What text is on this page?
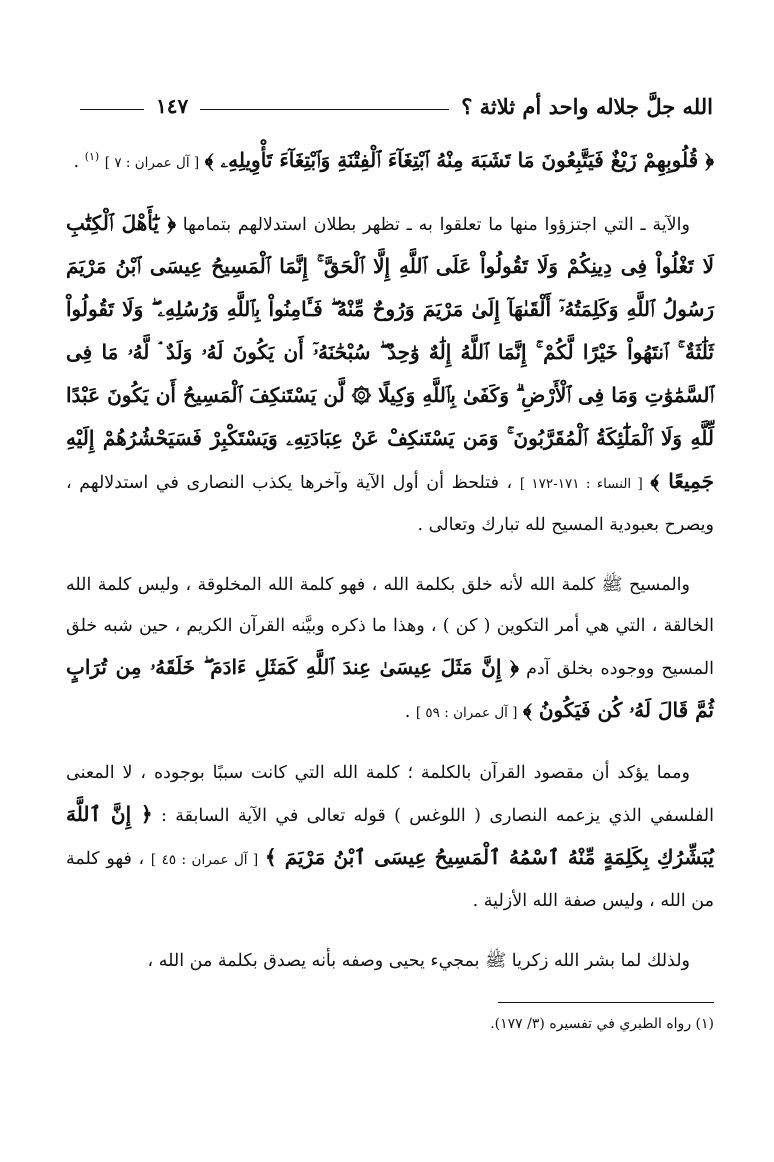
الله جلَّ جلاله واحد أم ثلاثة ؟
١٤٧

﴿ قُلُوبِهِمْ زَيْغٌ فَيَتَّبِعُونَ مَا تَشَبَهَ مِنْهُ ٱبْتِغَآءَ ٱلْفِتْنَةِ وَٱبْتِغَآءَ تَأْوِيلِهِۦ ﴾ [ آل عمران : ٧ ] $^{(١)}$ .

والآية ـ التي اجتزؤوا منها ما تعلقوا به ـ تظهر بطلان استدلالهم بتمامها ﴿ يَٰٓأَهْلَ ٱلْكِتَٰبِ لَا تَغْلُواْ فِى دِينِكُمْ وَلَا تَقُولُواْ عَلَى ٱللَّهِ إِلَّا ٱلْحَقَّ ۚ إِنَّمَا ٱلْمَسِيحُ عِيسَى ٱبْنُ مَرْيَمَ رَسُولُ ٱللَّهِ وَكَلِمَتُهُۥٓ أَلْقَىٰهَآ إِلَىٰ مَرْيَمَ وَرُوحٌ مِّنْهُ ۖ فَـَٔامِنُواْ بِٱللَّهِ وَرُسُلِهِۦ ۖ وَلَا تَقُولُواْ ثَلَٰثَةٌ ۚ ٱنتَهُواْ خَيْرًا لَّكُمْ ۚ إِنَّمَا ٱللَّهُ إِلَٰهٌ وَٰحِدٌ ۖ سُبْحَٰنَهُۥٓ أَن يَكُونَ لَهُۥ وَلَدٌ ۘ لَّهُۥ مَا فِى ٱلسَّمَٰوَٰتِ وَمَا فِى ٱلْأَرْضِ ۗ وَكَفَىٰ بِٱللَّهِ وَكِيلًا ۞ لَّن يَسْتَنكِفَ ٱلْمَسِيحُ أَن يَكُونَ عَبْدًا لِّلَّهِ وَلَا ٱلْمَلَٰٓئِكَةُ ٱلْمُقَرَّبُونَ ۚ وَمَن يَسْتَنكِفْ عَنْ عِبَادَتِهِۦ وَيَسْتَكْبِرْ فَسَيَحْشُرُهُمْ إِلَيْهِ جَمِيعًا ﴾ [ النساء : ١٧١-١٧٢ ] ، فتلحظ أن أول الآية وآخرها يكذب النصارى في استدلالهم ، ويصرح بعبودية المسيح لله تبارك وتعالى .

والمسيح ﷺ كلمة الله لأنه خلق بكلمة الله ، فهو كلمة الله المخلوقة ، وليس كلمة الله الخالقة ، التي هي أمر التكوين ( كن ) ، وهذا ما ذكره وبيَّنه القرآن الكريم ، حين شبه خلق المسيح ووجوده بخلق آدم ﴿ إِنَّ مَثَلَ عِيسَىٰ عِندَ ٱللَّهِ كَمَثَلِ ءَادَمَ ۖ خَلَقَهُۥ مِن تُرَابٍ ثُمَّ قَالَ لَهُۥ كُن فَيَكُونُ ﴾ [ آل عمران : ٥٩ ] .

ومما يؤكد أن مقصود القرآن بالكلمة ؛ كلمة الله التي كانت سببًا بوجوده ، لا المعنى الفلسفي الذي يزعمه النصارى ( اللوغس ) قوله تعالى في الآية السابقة : ﴿ إِنَّ ٱللَّهَ يُبَشِّرُكِ بِكَلِمَةٍ مِّنْهُ ٱسْمُهُ ٱلْمَسِيحُ عِيسَى ٱبْنُ مَرْيَمَ ﴾ [ آل عمران : ٤٥ ] ، فهو كلمة من الله ، وليس صفة الله الأزلية .

ولذلك لما بشر الله زكريا ﷺ بمجيء يحيى وصفه بأنه يصدق بكلمة من الله ،

(١) رواه الطبري في تفسيره (٣/ ١٧٧).
